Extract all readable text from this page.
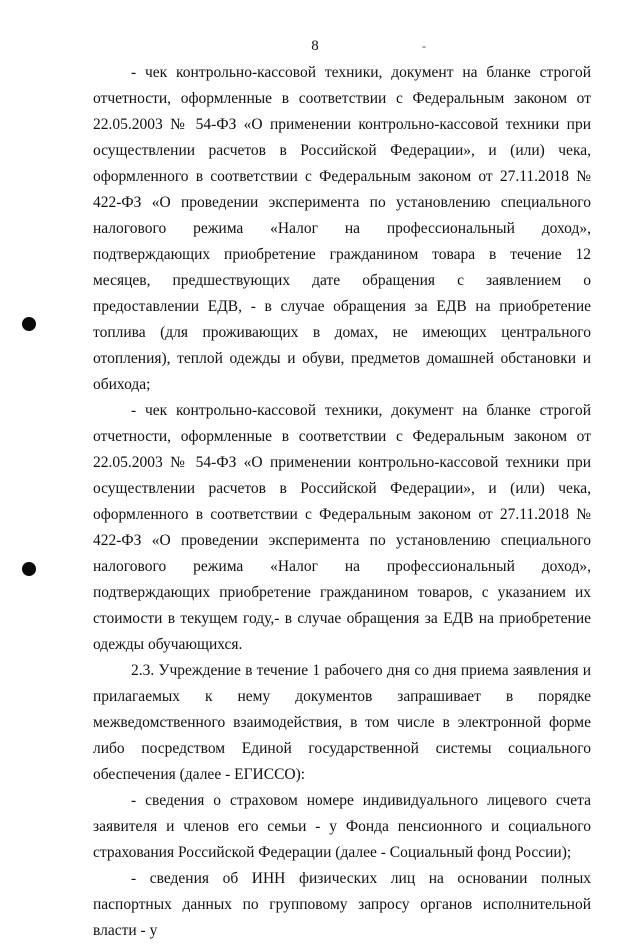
8	-

- чек контрольно-кассовой техники, документ на бланке строгой отчетности, оформленные в соответствии с Федеральным законом от 22.05.2003 № 54-ФЗ «О применении контрольно-кассовой техники при осуществлении расчетов в Российской Федерации», и (или) чека, оформленного в соответствии с Федеральным законом от 27.11.2018 № 422-ФЗ «О проведении эксперимента по установлению специального налогового режима «Налог на профессиональный доход», подтверждающих приобретение гражданином товара в течение 12 месяцев, предшествующих дате обращения с заявлением о предоставлении ЕДВ, - в случае обращения за ЕДВ на приобретение топлива (для проживающих в домах, не имеющих центрального отопления), теплой одежды и обуви, предметов домашней обстановки и обихода;

- чек контрольно-кассовой техники, документ на бланке строгой отчетности, оформленные в соответствии с Федеральным законом от 22.05.2003 № 54-ФЗ «О применении контрольно-кассовой техники при осуществлении расчетов в Российской Федерации», и (или) чека, оформленного в соответствии с Федеральным законом от 27.11.2018 № 422-ФЗ «О проведении эксперимента по установлению специального налогового режима «Налог на профессиональный доход», подтверждающих приобретение гражданином товаров, с указанием их стоимости в текущем году,- в случае обращения за ЕДВ на приобретение одежды обучающихся.

2.3. Учреждение в течение 1 рабочего дня со дня приема заявления и прилагаемых к нему документов запрашивает в порядке межведомственного взаимодействия, в том числе в электронной форме либо посредством Единой государственной системы социального обеспечения (далее - ЕГИССО):

- сведения о страховом номере индивидуального лицевого счета заявителя и членов его семьи - у Фонда пенсионного и социального страхования Российской Федерации (далее - Социальный фонд России);

- сведения об ИНН физических лиц на основании полных паспортных данных по групповому запросу органов исполнительной власти - у
